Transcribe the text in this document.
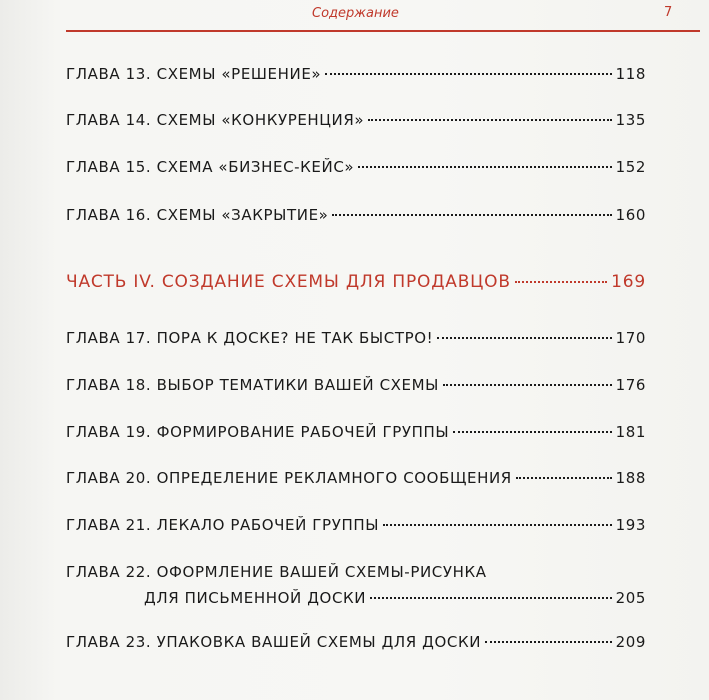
Содержание	7
ГЛАВА 13. СХЕМЫ «РЕШЕНИЕ»	118
ГЛАВА 14. СХЕМЫ «КОНКУРЕНЦИЯ»	135
ГЛАВА 15. СХЕМА «БИЗНЕС-КЕЙС»	152
ГЛАВА 16. СХЕМЫ «ЗАКРЫТИЕ»	160
ЧАСТЬ IV. СОЗДАНИЕ СХЕМЫ ДЛЯ ПРОДАВЦОВ	169
ГЛАВА 17. ПОРА К ДОСКЕ? НЕ ТАК БЫСТРО!	170
ГЛАВА 18. ВЫБОР ТЕМАТИКИ ВАШЕЙ СХЕМЫ	176
ГЛАВА 19. ФОРМИРОВАНИЕ РАБОЧЕЙ ГРУППЫ	181
ГЛАВА 20. ОПРЕДЕЛЕНИЕ РЕКЛАМНОГО СООБЩЕНИЯ	188
ГЛАВА 21. ЛЕКАЛО РАБОЧЕЙ ГРУППЫ	193
ГЛАВА 22. ОФОРМЛЕНИЕ ВАШЕЙ СХЕМЫ-РИСУНКА
ДЛЯ ПИСЬМЕННОЙ ДОСКИ	205
ГЛАВА 23. УПАКОВКА ВАШЕЙ СХЕМЫ ДЛЯ ДОСКИ	209
